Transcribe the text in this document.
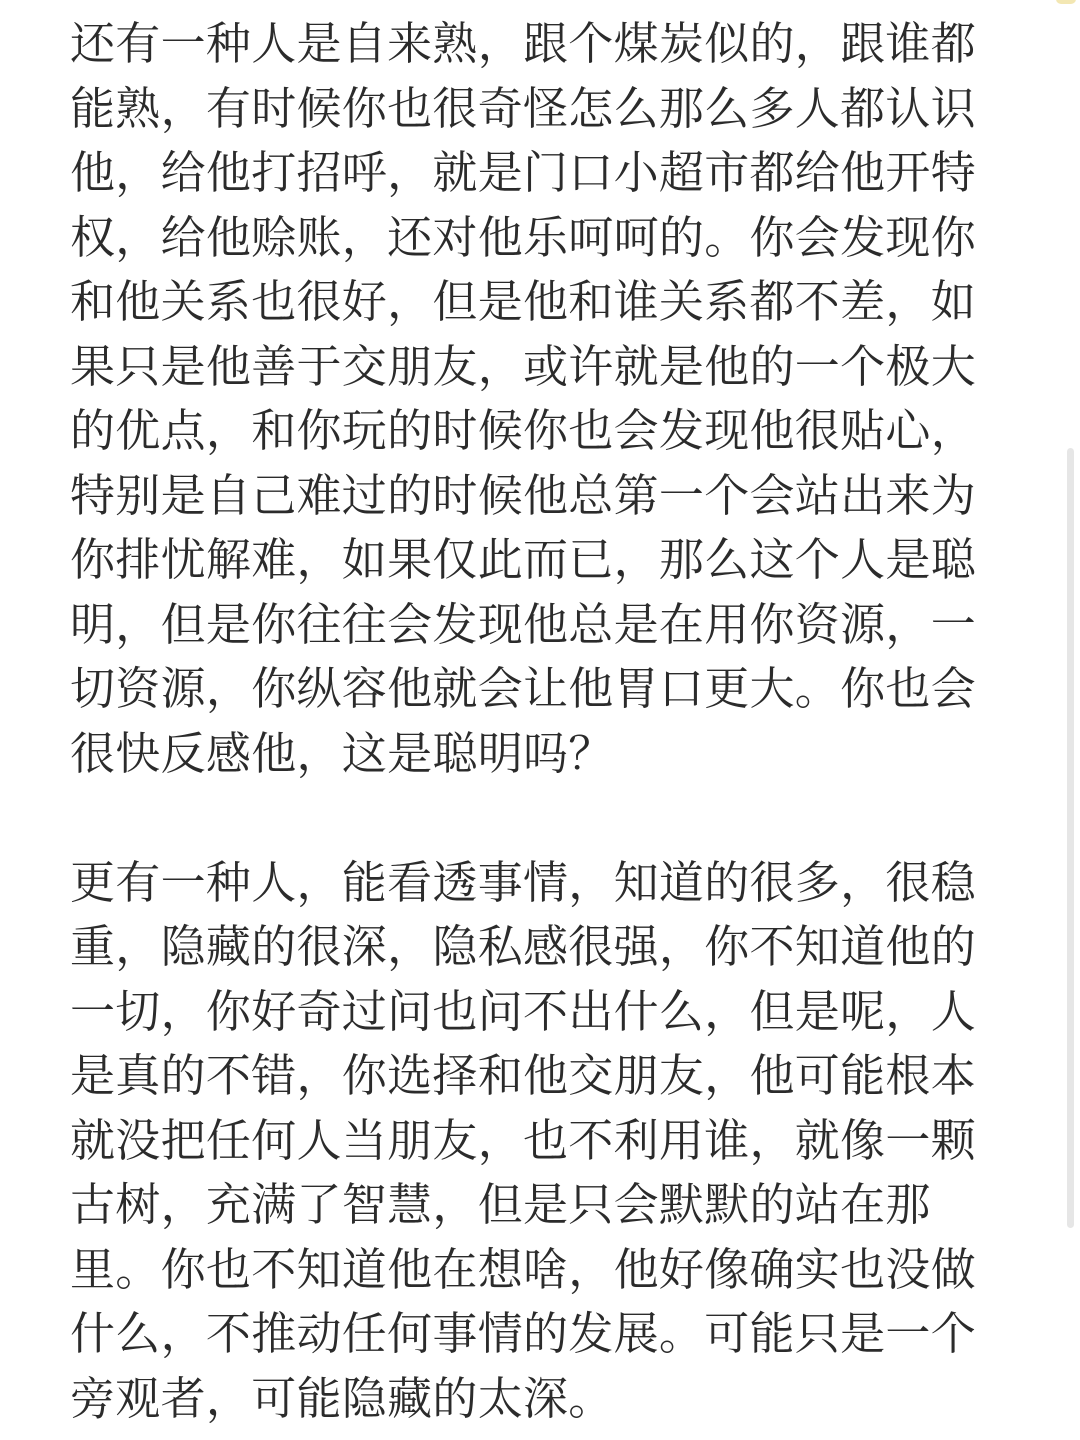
还有一种人是自来熟，跟个煤炭似的，跟谁都
能熟，有时候你也很奇怪怎么那么多人都认识
他，给他打招呼，就是门口小超市都给他开特
权，给他赊账，还对他乐呵呵的。你会发现你
和他关系也很好，但是他和谁关系都不差，如
果只是他善于交朋友，或许就是他的一个极大
的优点，和你玩的时候你也会发现他很贴心，
特别是自己难过的时候他总第一个会站出来为
你排忧解难，如果仅此而已，那么这个人是聪
明，但是你往往会发现他总是在用你资源，一
切资源，你纵容他就会让他胃口更大。你也会
很快反感他，这是聪明吗？
更有一种人，能看透事情，知道的很多，很稳
重，隐藏的很深，隐私感很强，你不知道他的
一切，你好奇过问也问不出什么，但是呢，人
是真的不错，你选择和他交朋友，他可能根本
就没把任何人当朋友，也不利用谁，就像一颗
古树，充满了智慧，但是只会默默的站在那
里。你也不知道他在想啥，他好像确实也没做
什么，不推动任何事情的发展。可能只是一个
旁观者，可能隐藏的太深。
